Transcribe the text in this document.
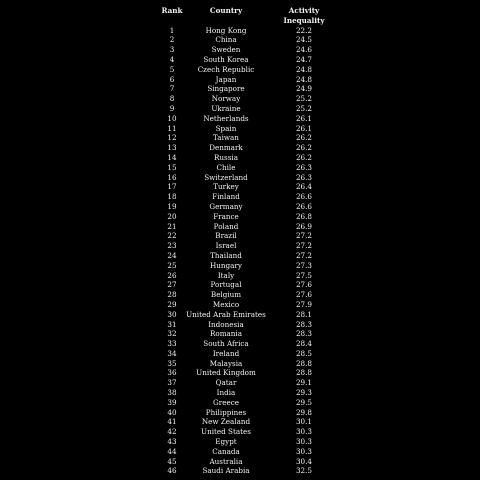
Rank	Country	Activity Inequality
1	Hong Kong	22.2
2	China	24.5
3	Sweden	24.6
4	South Korea	24.7
5	Czech Republic	24.8
6	Japan	24.8
7	Singapore	24.9
8	Norway	25.2
9	Ukraine	25.2
10	Netherlands	26.1
11	Spain	26.1
12	Taiwan	26.2
13	Denmark	26.2
14	Russia	26.2
15	Chile	26.3
16	Switzerland	26.3
17	Turkey	26.4
18	Finland	26.6
19	Germany	26.6
20	France	26.8
21	Poland	26.9
22	Brazil	27.2
23	Israel	27.2
24	Thailand	27.2
25	Hungary	27.3
26	Italy	27.5
27	Portugal	27.6
28	Belgium	27.6
29	Mexico	27.9
30	United Arab Emirates	28.1
31	Indonesia	28.3
32	Romania	28.3
33	South Africa	28.4
34	Ireland	28.5
35	Malaysia	28.8
36	United Kingdom	28.8
37	Qatar	29.1
38	India	29.3
39	Greece	29.5
40	Philippines	29.8
41	New Zealand	30.1
42	United States	30.3
43	Egypt	30.3
44	Canada	30.3
45	Australia	30.4
46	Saudi Arabia	32.5
